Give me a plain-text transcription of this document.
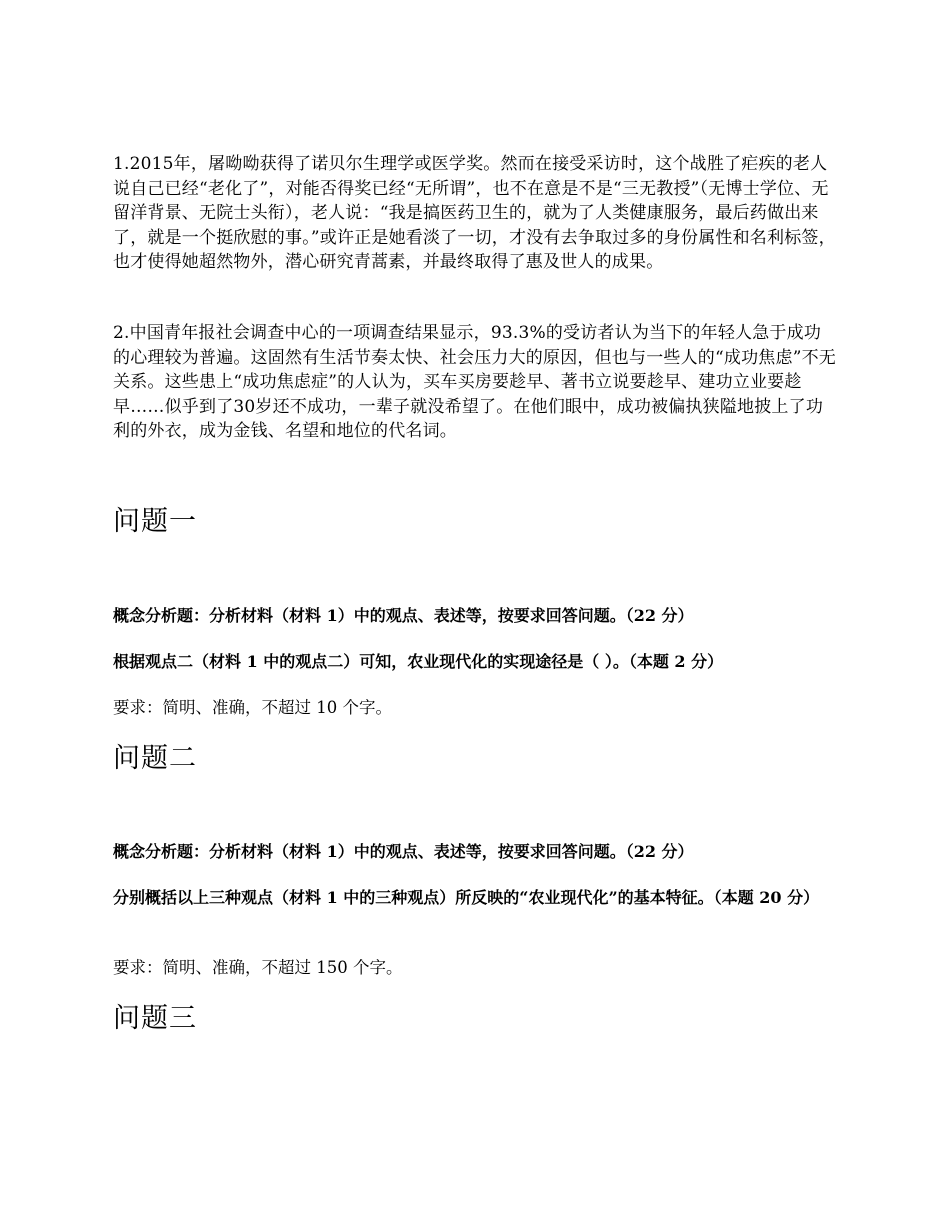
1.2015年，屠呦呦获得了诺贝尔生理学或医学奖。然而在接受采访时，这个战胜了疟疾的老人说自己已经“老化了”，对能否得奖已经“无所谓”，也不在意是不是“三无教授”（无博士学位、无留洋背景、无院士头衔），老人说：“我是搞医药卫生的，就为了人类健康服务，最后药做出来了，就是一个挺欣慰的事。”或许正是她看淡了一切，才没有去争取过多的身份属性和名利标签，也才使得她超然物外，潜心研究青蒿素，并最终取得了惠及世人的成果。

2.中国青年报社会调查中心的一项调查结果显示，93.3%的受访者认为当下的年轻人急于成功的心理较为普遍。这固然有生活节奏太快、社会压力大的原因，但也与一些人的“成功焦虑”不无关系。这些患上“成功焦虑症”的人认为，买车买房要趁早、著书立说要趁早、建功立业要趁早……似乎到了30岁还不成功，一辈子就没希望了。在他们眼中，成功被偏执狭隘地披上了功利的外衣，成为金钱、名望和地位的代名词。

问题一

概念分析题：分析材料（材料 1）中的观点、表述等，按要求回答问题。（22 分）

根据观点二（材料 1 中的观点二）可知，农业现代化的实现途径是（ ）。（本题 2 分）

要求：简明、准确，不超过 10 个字。

问题二

概念分析题：分析材料（材料 1）中的观点、表述等，按要求回答问题。（22 分）

分别概括以上三种观点（材料 1 中的三种观点）所反映的“农业现代化”的基本特征。（本题 20 分）

要求：简明、准确，不超过 150 个字。

问题三
